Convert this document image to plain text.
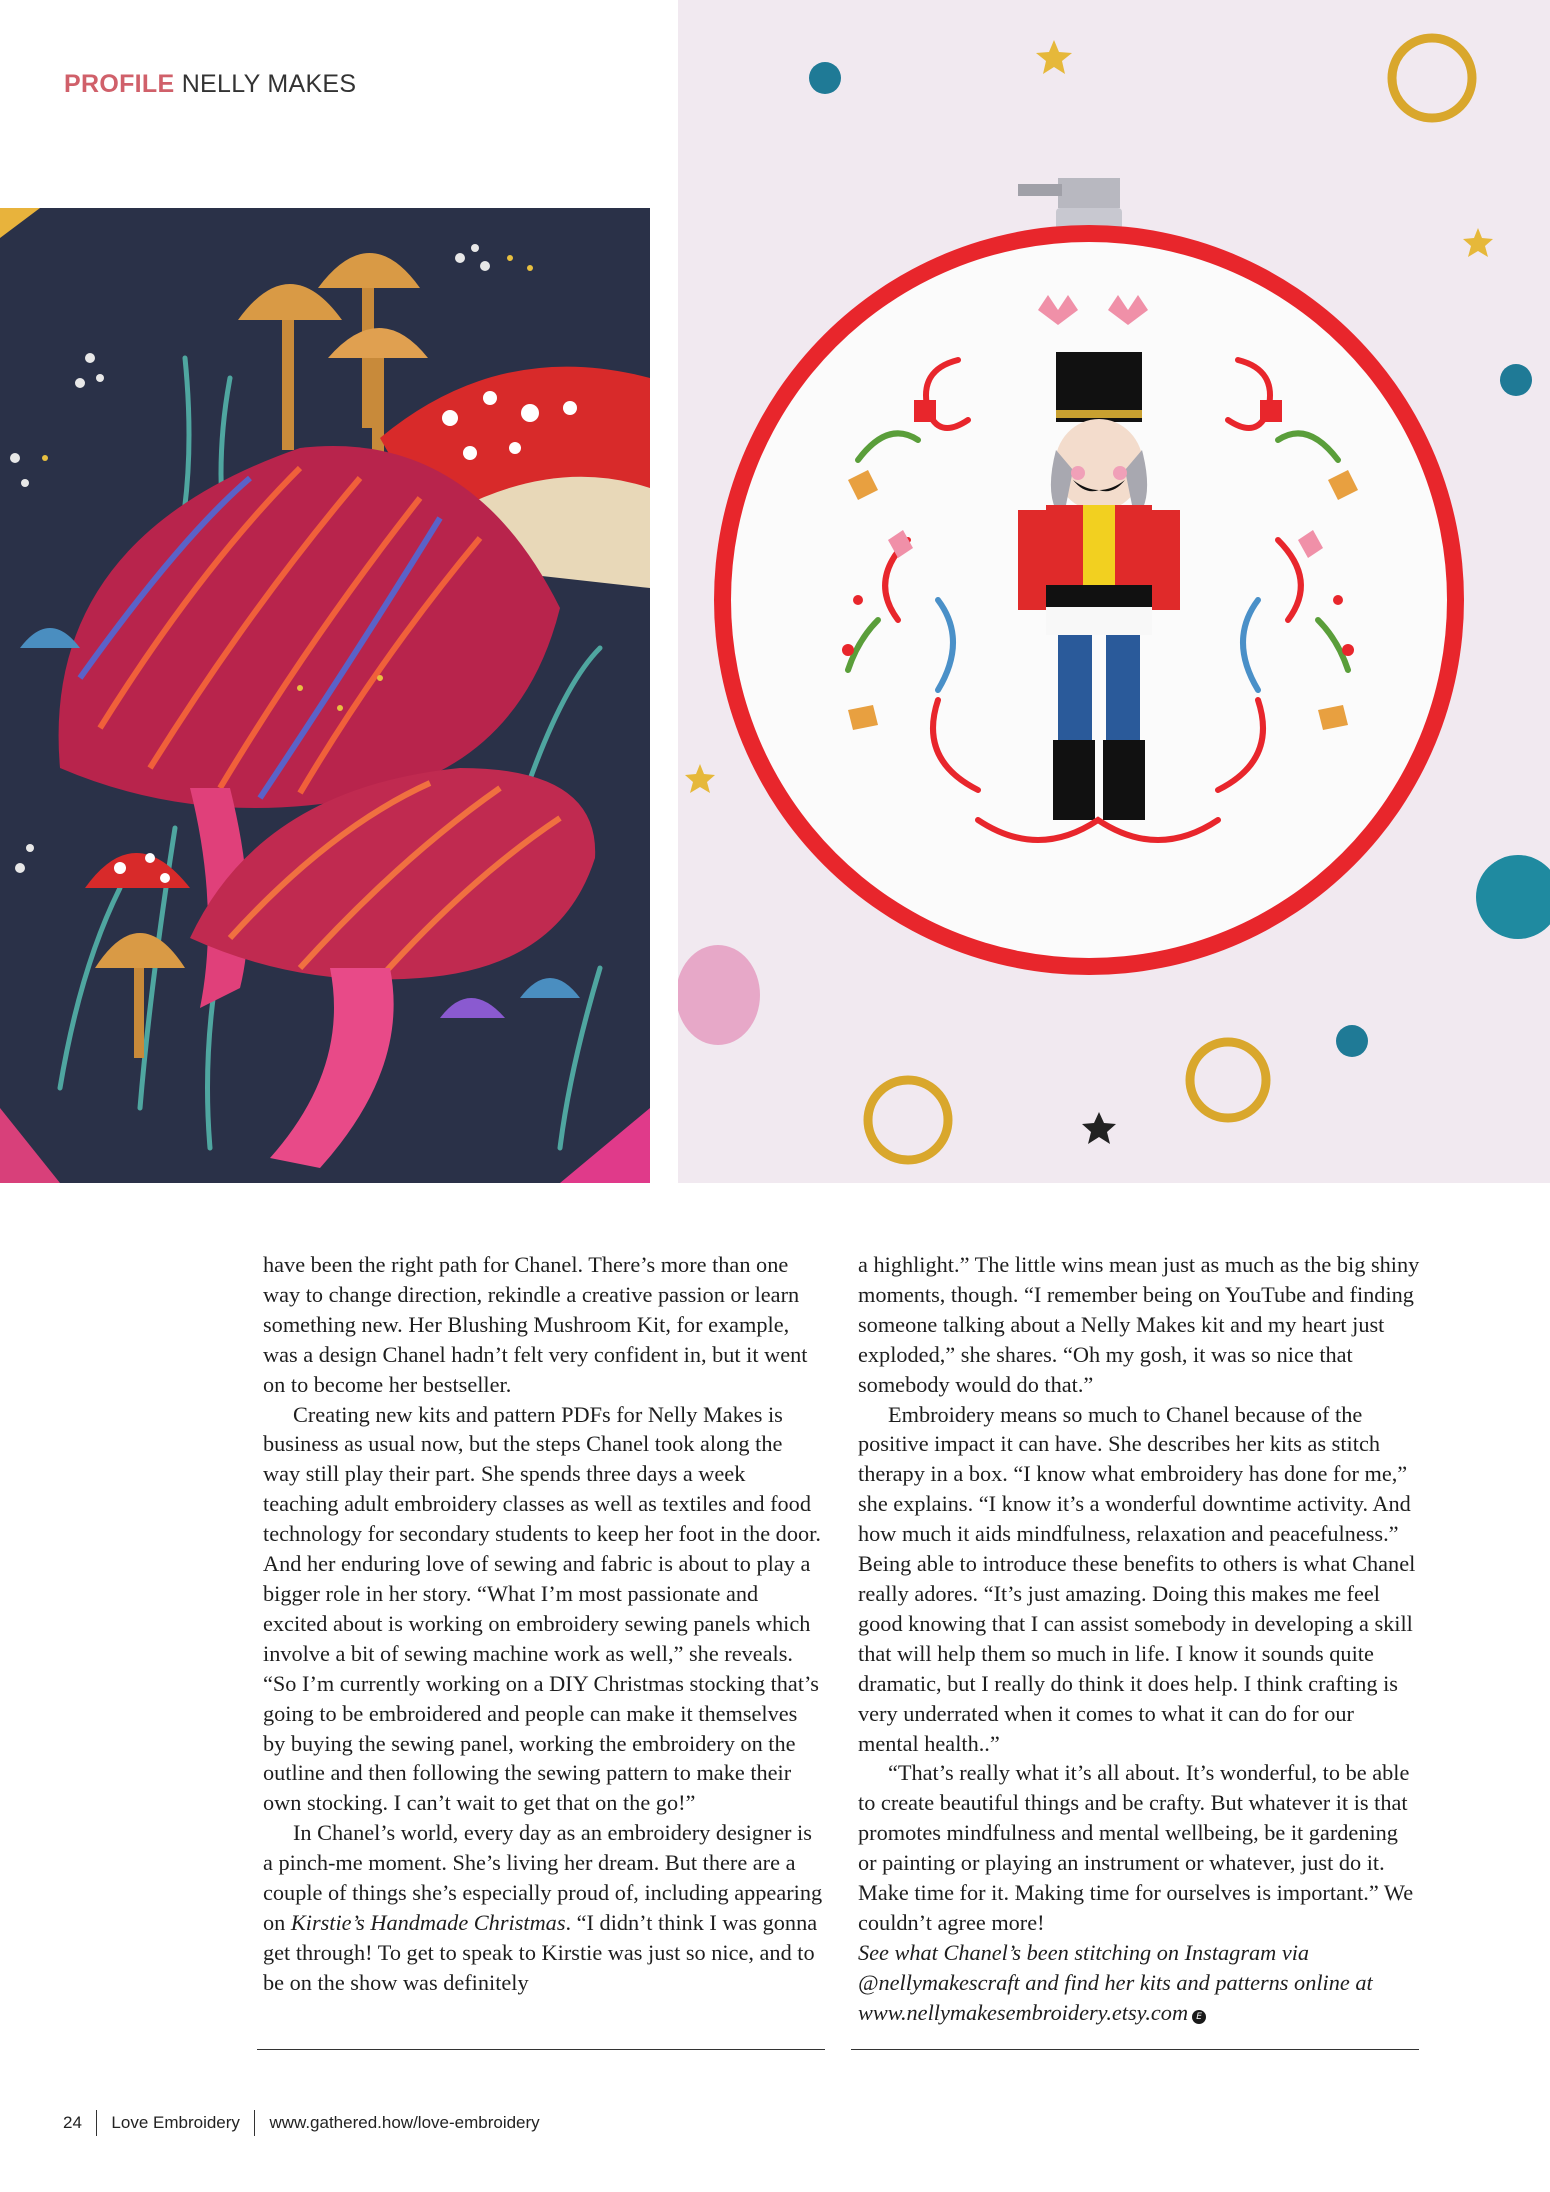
PROFILE NELLY MAKES

have been the right path for Chanel. There’s more than one way to change direction, rekindle a creative passion or learn something new. Her Blushing Mushroom Kit, for example, was a design Chanel hadn’t felt very confident in, but it went on to become her bestseller.

Creating new kits and pattern PDFs for Nelly Makes is business as usual now, but the steps Chanel took along the way still play their part. She spends three days a week teaching adult embroidery classes as well as textiles and food technology for secondary students to keep her foot in the door. And her enduring love of sewing and fabric is about to play a bigger role in her story. “What I’m most passionate and excited about is working on embroidery sewing panels which involve a bit of sewing machine work as well,” she reveals. “So I’m currently working on a DIY Christmas stocking that’s going to be embroidered and people can make it themselves by buying the sewing panel, working the embroidery on the outline and then following the sewing pattern to make their own stocking. I can’t wait to get that on the go!”

In Chanel’s world, every day as an embroidery designer is a pinch-me moment. She’s living her dream. But there are a couple of things she’s especially proud of, including appearing on Kirstie’s Handmade Christmas. “I didn’t think I was gonna get through! To get to speak to Kirstie was just so nice, and to be on the show was definitely

a highlight.” The little wins mean just as much as the big shiny moments, though. “I remember being on YouTube and finding someone talking about a Nelly Makes kit and my heart just exploded,” she shares. “Oh my gosh, it was so nice that somebody would do that.”

Embroidery means so much to Chanel because of the positive impact it can have. She describes her kits as stitch therapy in a box. “I know what embroidery has done for me,” she explains. “I know it’s a wonderful downtime activity. And how much it aids mindfulness, relaxation and peacefulness.” Being able to introduce these benefits to others is what Chanel really adores. “It’s just amazing. Doing this makes me feel good knowing that I can assist somebody in developing a skill that will help them so much in life. I know it sounds quite dramatic, but I really do think it does help. I think crafting is very underrated when it comes to what it can do for our mental health..”

“That’s really what it’s all about. It’s wonderful, to be able to create beautiful things and be crafty. But whatever it is that promotes mindfulness and mental wellbeing, be it gardening or painting or playing an instrument or whatever, just do it. Make time for it. Making time for ourselves is important.” We couldn’t agree more!

See what Chanel’s been stitching on Instagram via @nellymakescraft and find her kits and patterns online at www.nellymakesembroidery.etsy.com E

24 Love Embroidery www.gathered.how/love-embroidery
